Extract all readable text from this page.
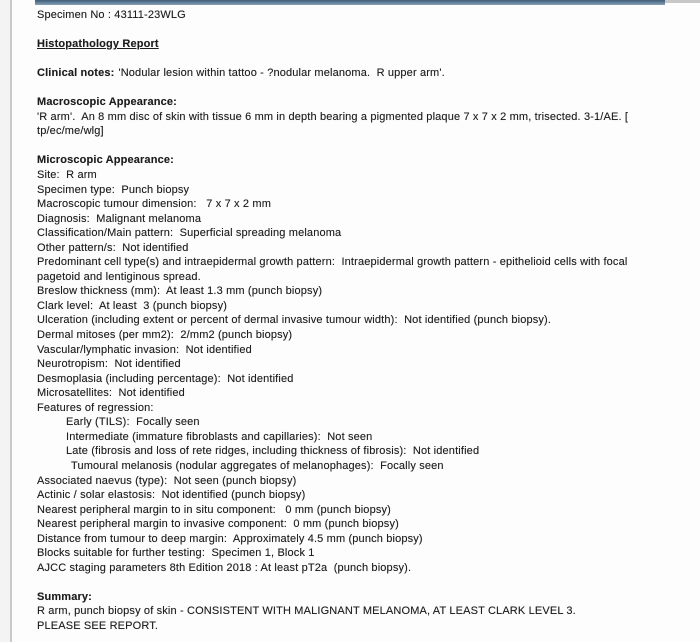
Specimen No : 43111-23WLG
Histopathology Report
Clinical notes: 'Nodular lesion within tattoo - ?nodular melanoma.  R upper arm'.
Macroscopic Appearance:
'R arm'.  An 8 mm disc of skin with tissue 6 mm in depth bearing a pigmented plaque 7 x 7 x 2 mm, trisected. 3-1/AE. [
tp/ec/me/wlg]
Microscopic Appearance:
Site:  R arm
Specimen type:  Punch biopsy
Macroscopic tumour dimension:   7 x 7 x 2 mm
Diagnosis:  Malignant melanoma
Classification/Main pattern:  Superficial spreading melanoma
Other pattern/s:  Not identified
Predominant cell type(s) and intraepidermal growth pattern:  Intraepidermal growth pattern - epithelioid cells with focal
pagetoid and lentiginous spread.
Breslow thickness (mm):  At least 1.3 mm (punch biopsy)
Clark level:  At least  3 (punch biopsy)
Ulceration (including extent or percent of dermal invasive tumour width):  Not identified (punch biopsy).
Dermal mitoses (per mm2):  2/mm2 (punch biopsy)
Vascular/lymphatic invasion:  Not identified
Neurotropism:  Not identified
Desmoplasia (including percentage):  Not identified
Microsatellites:  Not identified
Features of regression:
Early (TILS):  Focally seen
Intermediate (immature fibroblasts and capillaries):  Not seen
Late (fibrosis and loss of rete ridges, including thickness of fibrosis):  Not identified
Tumoural melanosis (nodular aggregates of melanophages):  Focally seen
Associated naevus (type):  Not seen (punch biopsy)
Actinic / solar elastosis:  Not identified (punch biopsy)
Nearest peripheral margin to in situ component:   0 mm (punch biopsy)
Nearest peripheral margin to invasive component:  0 mm (punch biopsy)
Distance from tumour to deep margin:  Approximately 4.5 mm (punch biopsy)
Blocks suitable for further testing:  Specimen 1, Block 1
AJCC staging parameters 8th Edition 2018 : At least pT2a  (punch biopsy).
Summary:
R arm, punch biopsy of skin - CONSISTENT WITH MALIGNANT MELANOMA, AT LEAST CLARK LEVEL 3.
PLEASE SEE REPORT.
